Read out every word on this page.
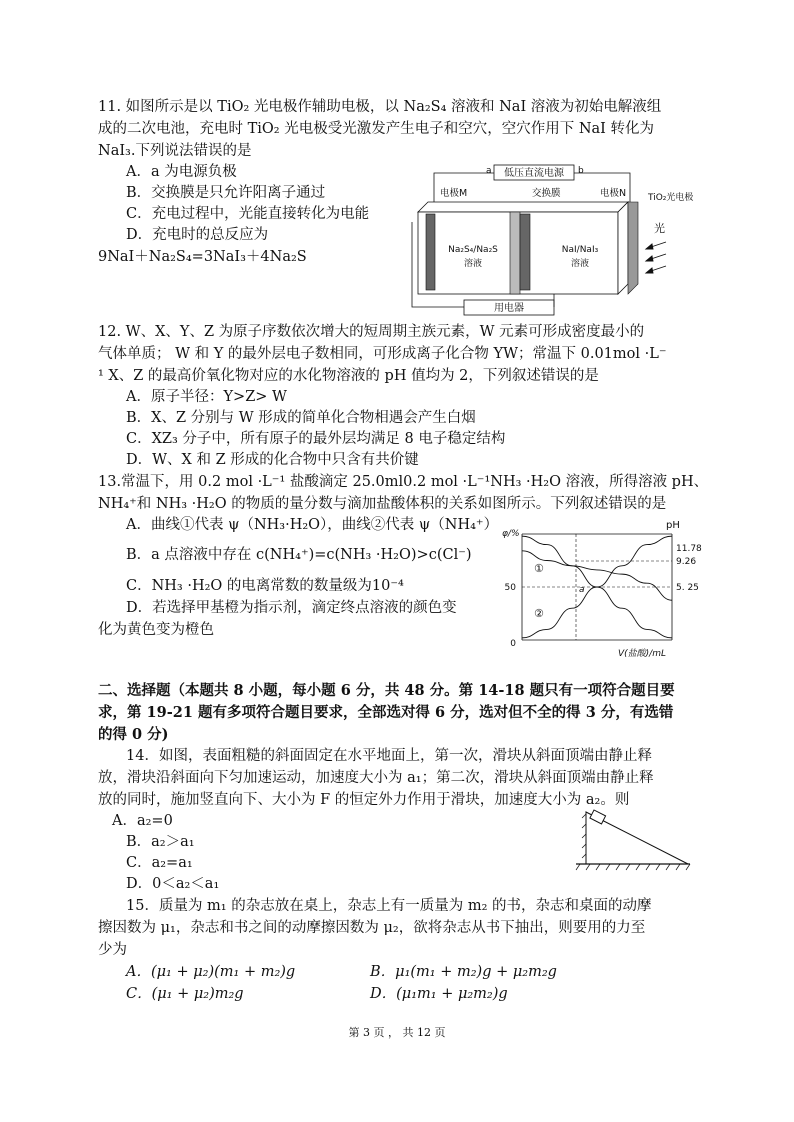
11. 如图所示是以 TiO₂ 光电极作辅助电极，以 Na₂S₄ 溶液和 NaI 溶液为初始电解液组
成的二次电池，充电时 TiO₂ 光电极受光激发产生电子和空穴，空穴作用下 NaI 转化为
NaI₃.下列说法错误的是
A．a 为电源负极
B．交换膜是只允许阳离子通过
C．充电过程中，光能直接转化为电能
D．充电时的总反应为
9NaI＋Na₂S₄=3NaI₃＋4Na₂S
低压直流电源
a	b
电极M	交换膜	电极N TiO₂光电极
Na₂S₄/Na₂S
溶液
NaI/NaI₃
溶液
光
用电器
12. W、X、Y、Z 为原子序数依次增大的短周期主族元素，W 元素可形成密度最小的
气体单质； W 和 Y 的最外层电子数相同，可形成离子化合物 YW；常温下 0.01mol ·L⁻
¹ X、Z 的最高价氧化物对应的水化物溶液的 pH 值均为 2，下列叙述错误的是
A．原子半径：Y>Z> W
B．X、Z 分别与 W 形成的简单化合物相遇会产生白烟
C．XZ₃ 分子中，所有原子的最外层均满足 8 电子稳定结构
D．W、X 和 Z 形成的化合物中只含有共价键
13.常温下，用 0.2 mol ·L⁻¹ 盐酸滴定 25.0ml0.2 mol ·L⁻¹NH₃ ·H₂O 溶液，所得溶液 pH、
NH₄⁺和 NH₃ ·H₂O 的物质的量分数与滴加盐酸体积的关系如图所示。下列叙述错误的是
A．曲线①代表 ψ（NH₃·H₂O），曲线②代表 ψ（NH₄⁺）
B．a 点溶液中存在 c(NH₄⁺)=c(NH₃ ·H₂O)>c(Cl⁻)
C．NH₃ ·H₂O 的电离常数的数量级为10⁻⁴
D．若选择甲基橙为指示剂，滴定终点溶液的颜色变
化为黄色变为橙色
φ/%
pH
50
0
11.78
9.26
5. 25
①
②
a
V(盐酸)/mL
二、选择题（本题共 8 小题，每小题 6 分，共 48 分。第 14-18 题只有一项符合题目要
求，第 19-21 题有多项符合题目要求，全部选对得 6 分，选对但不全的得 3 分，有选错
的得 0 分)
14．如图，表面粗糙的斜面固定在水平地面上，第一次，滑块从斜面顶端由静止释
放，滑块沿斜面向下匀加速运动，加速度大小为 a₁；第二次，滑块从斜面顶端由静止释
放的同时，施加竖直向下、大小为 F 的恒定外力作用于滑块，加速度大小为 a₂。则
A．a₂=0
B．a₂＞a₁
C．a₂=a₁
D．0＜a₂＜a₁
15．质量为 m₁ 的杂志放在桌上，杂志上有一质量为 m₂ 的书，杂志和桌面的动摩
擦因数为 μ₁，杂志和书之间的动摩擦因数为 μ₂，欲将杂志从书下抽出，则要用的力至
少为
A．(μ₁ + μ₂)(m₁ + m₂)g	B．μ₁(m₁ + m₂)g + μ₂m₂g
C．(μ₁ + μ₂)m₂g	D．(μ₁m₁ + μ₂m₂)g
第 3 页 ， 共 12 页
